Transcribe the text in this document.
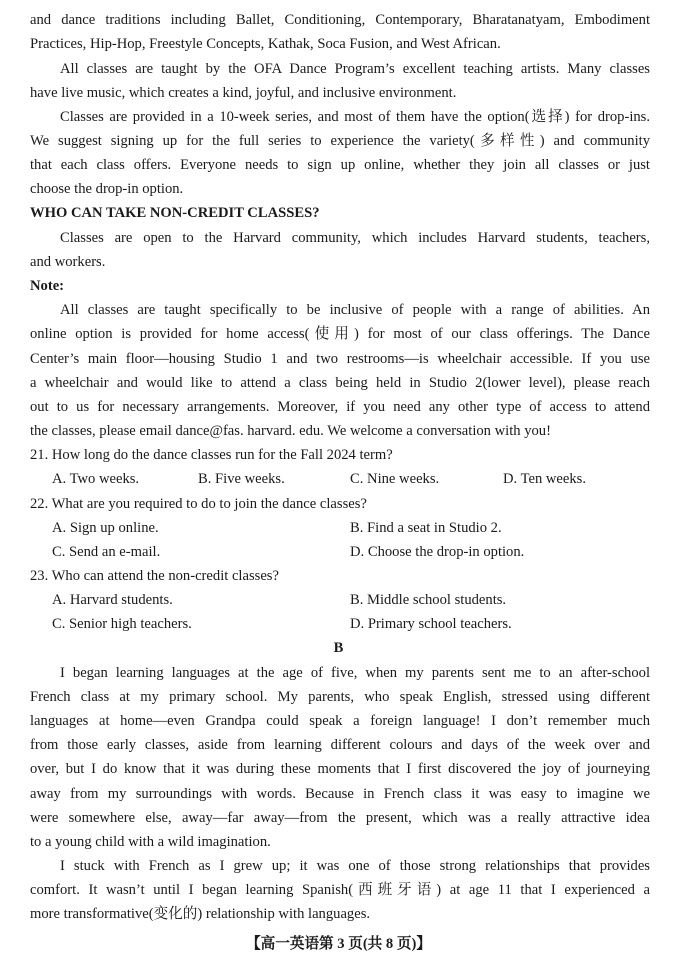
and dance traditions including Ballet, Conditioning, Contemporary, Bharatanatyam, Embodiment
Practices, Hip-Hop, Freestyle Concepts, Kathak, Soca Fusion, and West African.
All classes are taught by the OFA Dance Program’s excellent teaching artists. Many classes
have live music, which creates a kind, joyful, and inclusive environment.
Classes are provided in a 10-week series, and most of them have the option(选择) for drop-ins.
We suggest signing up for the full series to experience the variety(多样性) and community
that each class offers. Everyone needs to sign up online, whether they join all classes or just
choose the drop-in option.
WHO CAN TAKE NON-CREDIT CLASSES?
Classes are open to the Harvard community, which includes Harvard students, teachers,
and workers.
Note:
All classes are taught specifically to be inclusive of people with a range of abilities. An
online option is provided for home access(使用) for most of our class offerings. The Dance
Center’s main floor—housing Studio 1 and two restrooms—is wheelchair accessible. If you use
a wheelchair and would like to attend a class being held in Studio 2(lower level), please reach
out to us for necessary arrangements. Moreover, if you need any other type of access to attend
the classes, please email dance@fas. harvard. edu. We welcome a conversation with you!
21. How long do the dance classes run for the Fall 2024 term?
A. Two weeks.	B. Five weeks.	C. Nine weeks.	D. Ten weeks.
22. What are you required to do to join the dance classes?
A. Sign up online.	B. Find a seat in Studio 2.
C. Send an e-mail.	D. Choose the drop-in option.
23. Who can attend the non-credit classes?
A. Harvard students.	B. Middle school students.
C. Senior high teachers.	D. Primary school teachers.
B
I began learning languages at the age of five, when my parents sent me to an after-school
French class at my primary school. My parents, who speak English, stressed using different
languages at home—even Grandpa could speak a foreign language! I don’t remember much
from those early classes, aside from learning different colours and days of the week over and
over, but I do know that it was during these moments that I first discovered the joy of journeying
away from my surroundings with words. Because in French class it was easy to imagine we
were somewhere else, away—far away—from the present, which was a really attractive idea
to a young child with a wild imagination.
I stuck with French as I grew up; it was one of those strong relationships that provides
comfort. It wasn’t until I began learning Spanish(西班牙语) at age 11 that I experienced a
more transformative(变化的) relationship with languages.
【高一英语第 3 页(共 8 页)】
